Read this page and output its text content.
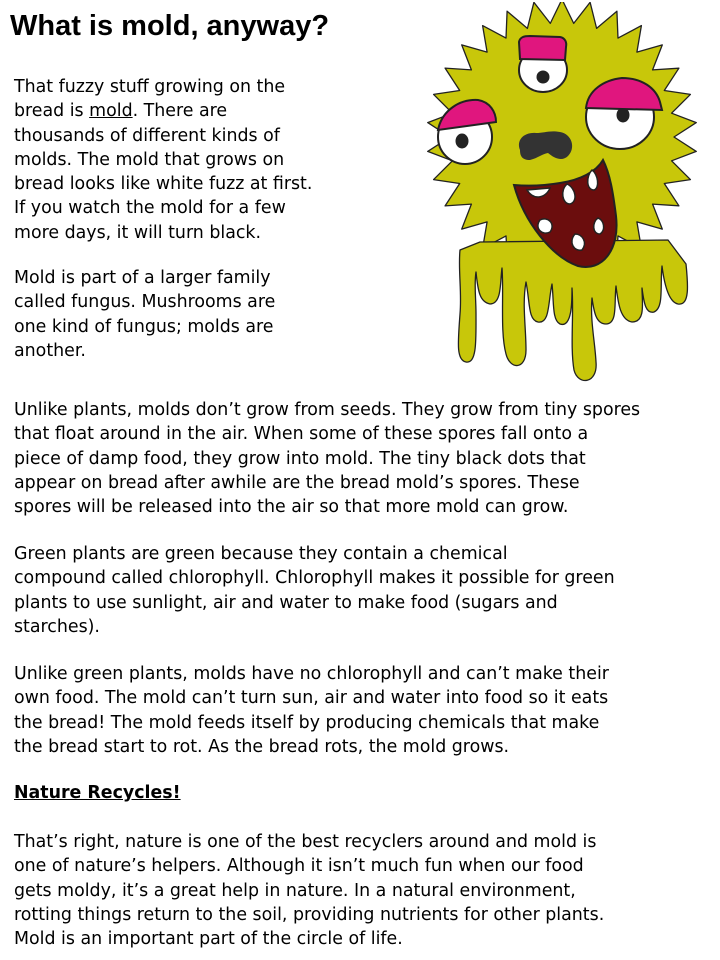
What is mold, anyway?

That fuzzy stuff growing on the
bread is mold. There are
thousands of different kinds of
molds. The mold that grows on
bread looks like white fuzz at first.
If you watch the mold for a few
more days, it will turn black.

Mold is part of a larger family
called fungus. Mushrooms are
one kind of fungus; molds are
another.

Unlike plants, molds don’t grow from seeds. They grow from tiny spores
that float around in the air. When some of these spores fall onto a
piece of damp food, they grow into mold. The tiny black dots that
appear on bread after awhile are the bread mold’s spores. These
spores will be released into the air so that more mold can grow.

Green plants are green because they contain a chemical
compound called chlorophyll. Chlorophyll makes it possible for green
plants to use sunlight, air and water to make food (sugars and
starches).

Unlike green plants, molds have no chlorophyll and can’t make their
own food. The mold can’t turn sun, air and water into food so it eats
the bread! The mold feeds itself by producing chemicals that make
the bread start to rot. As the bread rots, the mold grows.

Nature Recycles!

That’s right, nature is one of the best recyclers around and mold is
one of nature’s helpers. Although it isn’t much fun when our food
gets moldy, it’s a great help in nature. In a natural environment,
rotting things return to the soil, providing nutrients for other plants.
Mold is an important part of the circle of life.
